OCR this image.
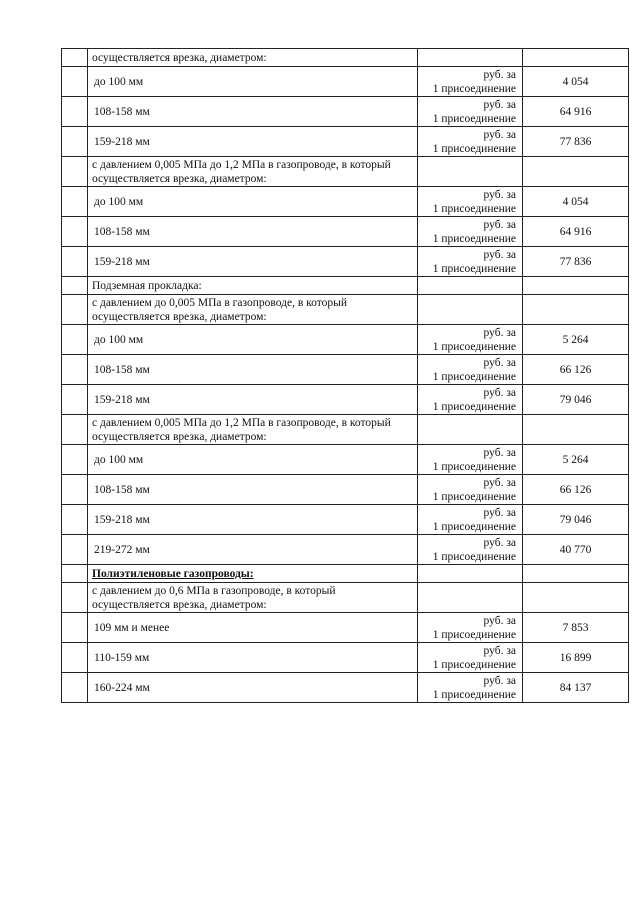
	осуществляется врезка, диаметром:		
	до 100 мм	руб. за
1 присоединение	4 054
	108-158 мм	руб. за
1 присоединение	64 916
	159-218 мм	руб. за
1 присоединение	77 836
	с давлением 0,005 МПа до 1,2 МПа в газопроводе, в который осуществляется врезка, диаметром:		
	до 100 мм	руб. за
1 присоединение	4 054
	108-158 мм	руб. за
1 присоединение	64 916
	159-218 мм	руб. за
1 присоединение	77 836
	Подземная прокладка:		
	с давлением до 0,005 МПа в газопроводе, в который осуществляется врезка, диаметром:		
	до 100 мм	руб. за
1 присоединение	5 264
	108-158 мм	руб. за
1 присоединение	66 126
	159-218 мм	руб. за
1 присоединение	79 046
	с давлением 0,005 МПа до 1,2 МПа в газопроводе, в который осуществляется врезка, диаметром:		
	до 100 мм	руб. за
1 присоединение	5 264
	108-158 мм	руб. за
1 присоединение	66 126
	159-218 мм	руб. за
1 присоединение	79 046
	219-272 мм	руб. за
1 присоединение	40 770
	Полиэтиленовые газопроводы:		
	с давлением до 0,6 МПа в газопроводе, в который осуществляется врезка, диаметром:		
	109 мм и менее	руб. за
1 присоединение	7 853
	110-159 мм	руб. за
1 присоединение	16 899
	160-224 мм	руб. за
1 присоединение	84 137
